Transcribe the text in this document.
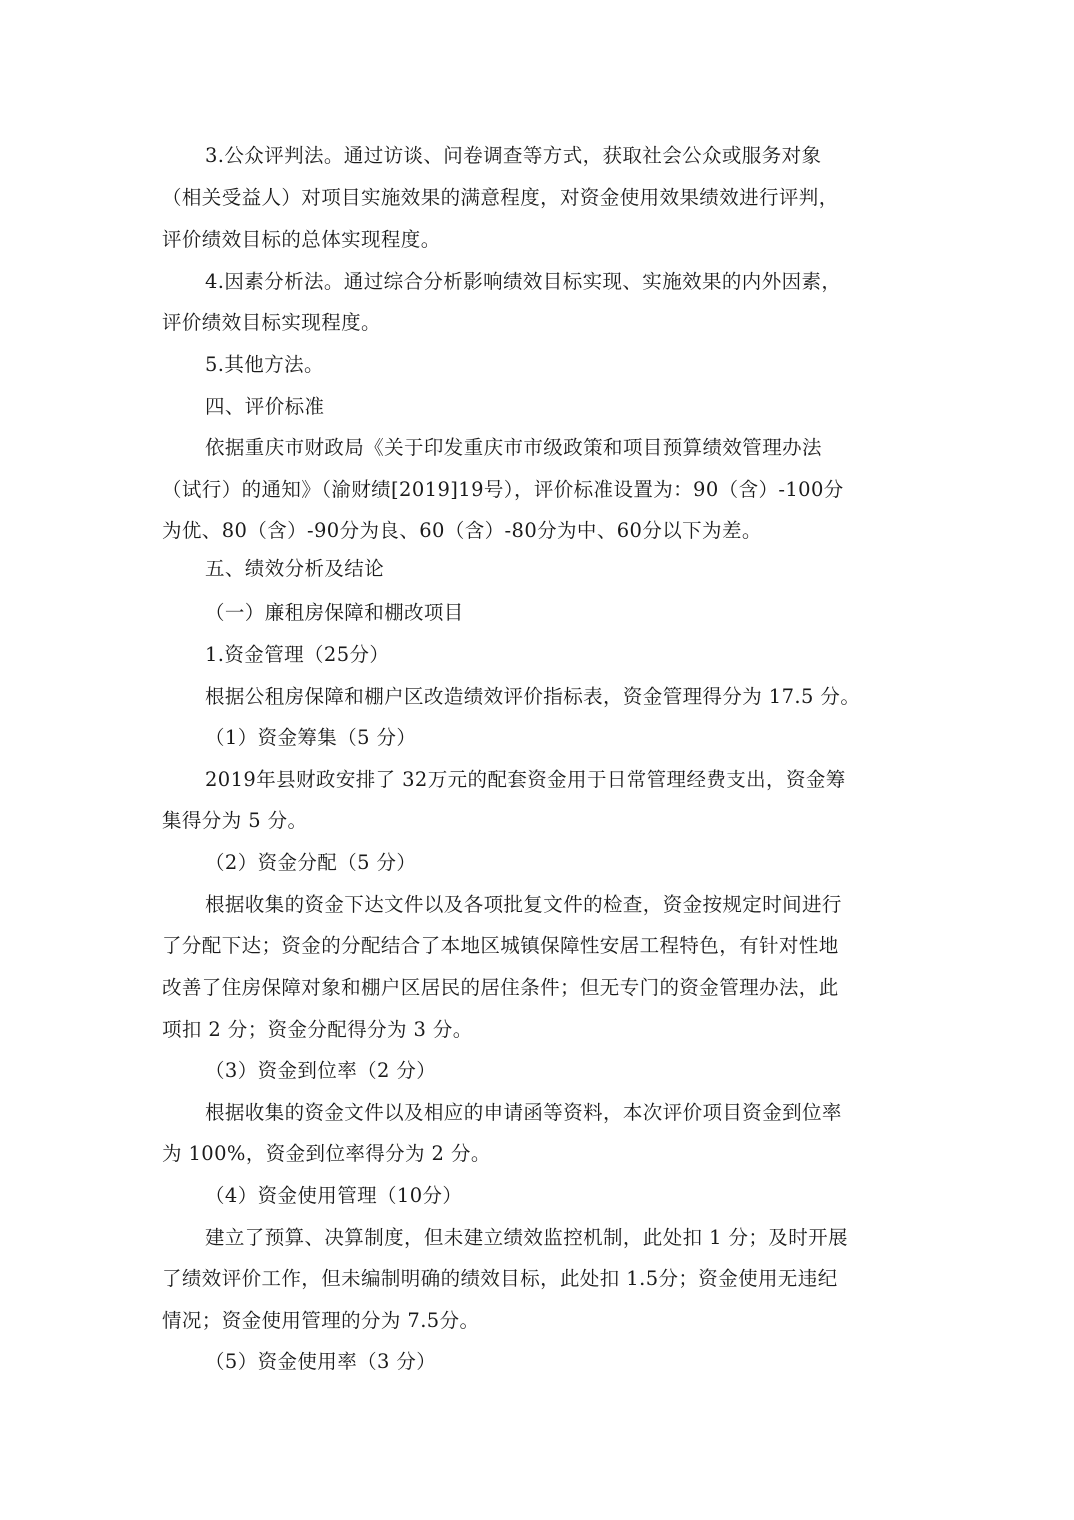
3.公众评判法。通过访谈、问卷调查等方式，获取社会公众或服务对象
（相关受益人）对项目实施效果的满意程度，对资金使用效果绩效进行评判，
评价绩效目标的总体实现程度。
4.因素分析法。通过综合分析影响绩效目标实现、实施效果的内外因素，
评价绩效目标实现程度。
5.其他方法。
四、评价标准
依据重庆市财政局《关于印发重庆市市级政策和项目预算绩效管理办法
（试行）的通知》（渝财绩[2019]19号），评价标准设置为：90（含）-100分
为优、80（含）-90分为良、60（含）-80分为中、60分以下为差。
五、绩效分析及结论
（一）廉租房保障和棚改项目
1.资金管理（25分）
根据公租房保障和棚户区改造绩效评价指标表，资金管理得分为 17.5 分。
（1）资金筹集（5 分）
2019年县财政安排了 32万元的配套资金用于日常管理经费支出，资金筹
集得分为 5 分。
（2）资金分配（5 分）
根据收集的资金下达文件以及各项批复文件的检查，资金按规定时间进行
了分配下达；资金的分配结合了本地区城镇保障性安居工程特色，有针对性地
改善了住房保障对象和棚户区居民的居住条件；但无专门的资金管理办法，此
项扣 2 分；资金分配得分为 3 分。
（3）资金到位率（2 分）
根据收集的资金文件以及相应的申请函等资料，本次评价项目资金到位率
为 100%，资金到位率得分为 2 分。
（4）资金使用管理（10分）
建立了预算、决算制度，但未建立绩效监控机制，此处扣 1 分；及时开展
了绩效评价工作，但未编制明确的绩效目标，此处扣 1.5分；资金使用无违纪
情况；资金使用管理的分为 7.5分。
（5）资金使用率（3 分）
